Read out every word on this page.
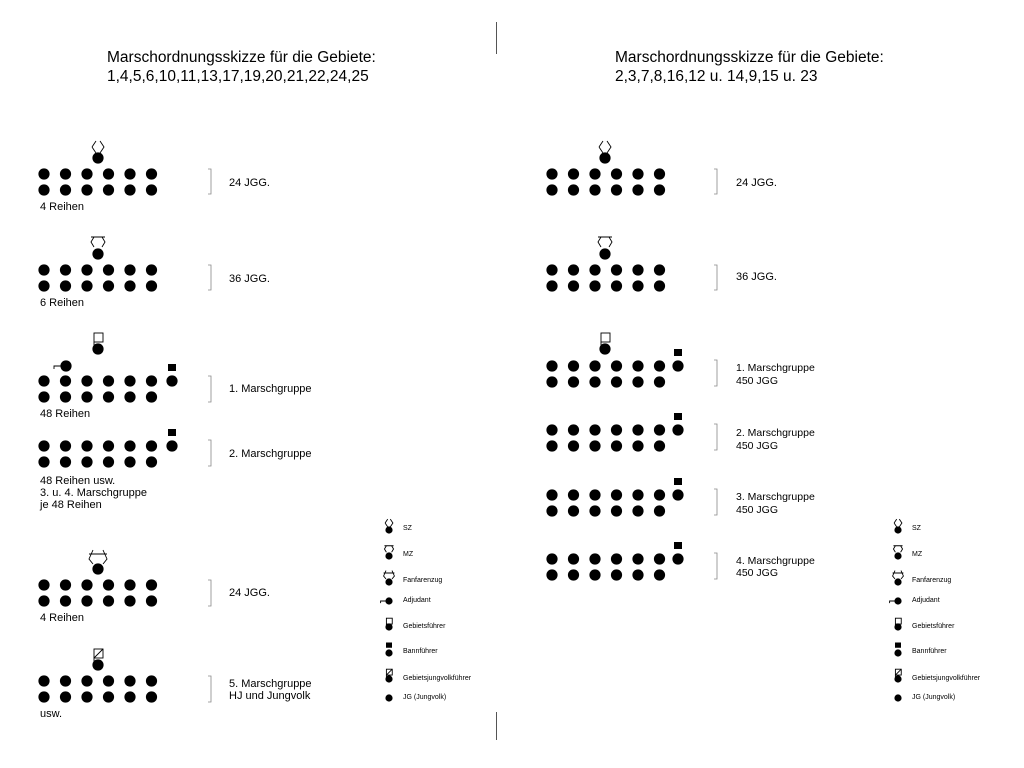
Marschordnungsskizze für die Gebiete:
1,4,5,6,10,11,13,17,19,20,21,22,24,25
Marschordnungsskizze für die Gebiete:
2,3,7,8,16,12 u. 14,9,15 u. 23
24 JGG.
4 Reihen
36 JGG.
6 Reihen
1. Marschgruppe
48 Reihen
2. Marschgruppe
48 Reihen usw.
3. u. 4. Marschgruppe
je 48 Reihen
24 JGG.
4 Reihen
5. Marschgruppe
HJ und Jungvolk
usw.
24 JGG.
36 JGG.
1. Marschgruppe
450 JGG
2. Marschgruppe
450 JGG
3. Marschgruppe
450 JGG
4. Marschgruppe
450 JGG
SZ
MZ
Fanfarenzug
Adjudant
Gebietsführer
Bannführer
Gebietsjungvolkführer
JG (Jungvolk)
SZ
MZ
Fanfarenzug
Adjudant
Gebietsführer
Bannführer
Gebietsjungvolkführer
JG (Jungvolk)
